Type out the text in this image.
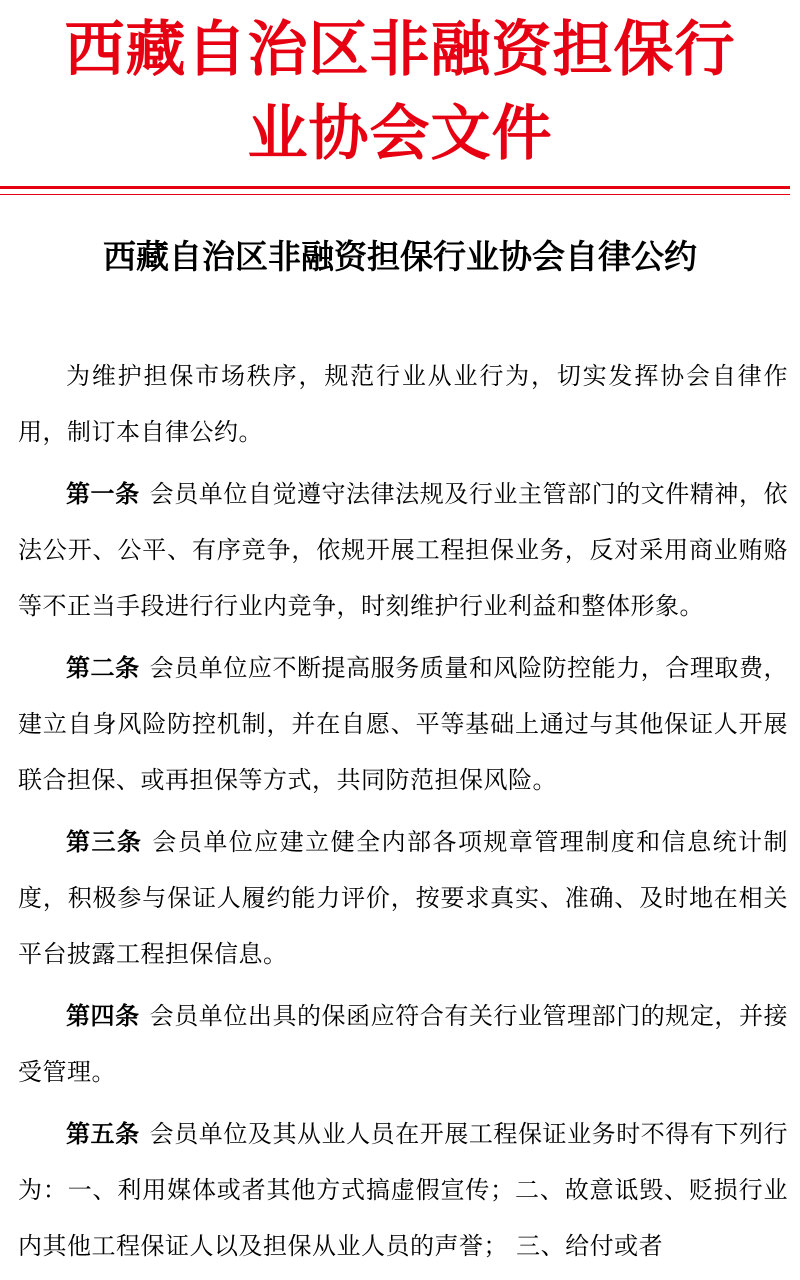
西藏自治区非融资担保行
业协会文件

西藏自治区非融资担保行业协会自律公约

为维护担保市场秩序，规范行业从业行为，切实发挥协会自律作用，制订本自律公约。

第一条 会员单位自觉遵守法律法规及行业主管部门的文件精神，依法公开、公平、有序竞争，依规开展工程担保业务，反对采用商业贿赂等不正当手段进行行业内竞争，时刻维护行业利益和整体形象。

第二条 会员单位应不断提高服务质量和风险防控能力，合理取费，建立自身风险防控机制，并在自愿、平等基础上通过与其他保证人开展联合担保、或再担保等方式，共同防范担保风险。

第三条 会员单位应建立健全内部各项规章管理制度和信息统计制度，积极参与保证人履约能力评价，按要求真实、准确、及时地在相关平台披露工程担保信息。

第四条 会员单位出具的保函应符合有关行业管理部门的规定，并接受管理。

第五条 会员单位及其从业人员在开展工程保证业务时不得有下列行为：一、利用媒体或者其他方式搞虚假宣传；二、故意诋毁、贬损行业内其他工程保证人以及担保从业人员的声誉； 三、给付或者
